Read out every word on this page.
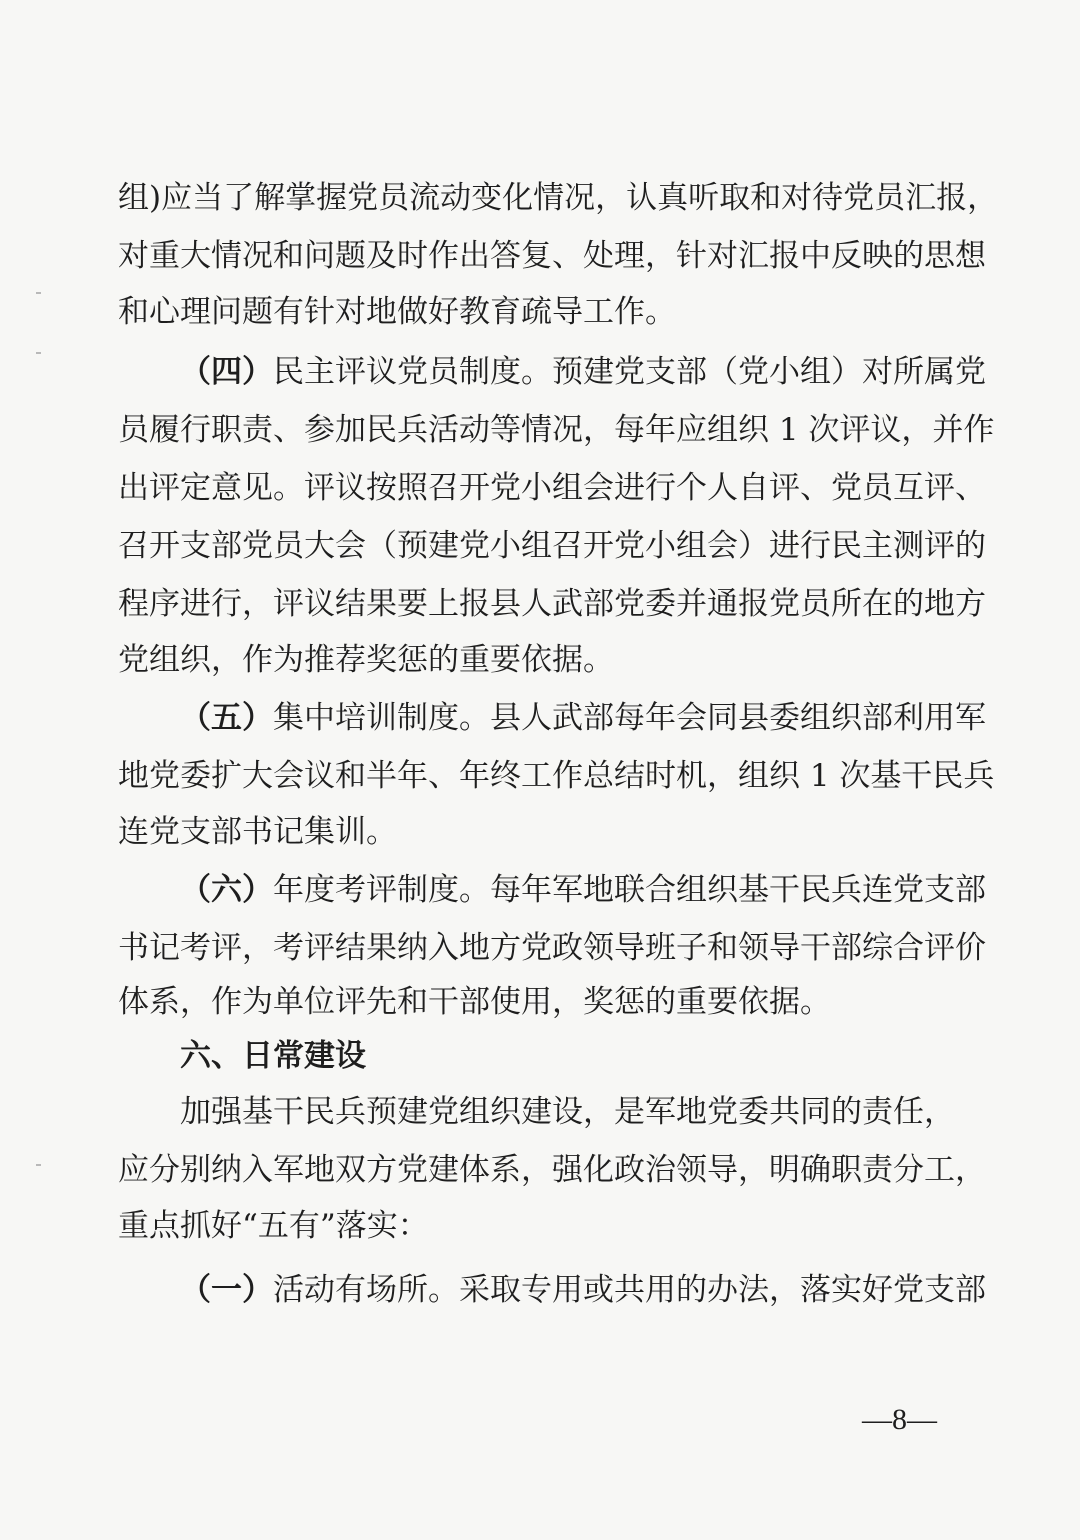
组)应当了解掌握党员流动变化情况，认真听取和对待党员汇报，
对重大情况和问题及时作出答复、处理，针对汇报中反映的思想
和心理问题有针对地做好教育疏导工作。
（四）民主评议党员制度。预建党支部（党小组）对所属党
员履行职责、参加民兵活动等情况，每年应组织 1 次评议，并作
出评定意见。评议按照召开党小组会进行个人自评、党员互评、
召开支部党员大会（预建党小组召开党小组会）进行民主测评的
程序进行，评议结果要上报县人武部党委并通报党员所在的地方
党组织，作为推荐奖惩的重要依据。
（五）集中培训制度。县人武部每年会同县委组织部利用军
地党委扩大会议和半年、年终工作总结时机，组织 1 次基干民兵
连党支部书记集训。
（六）年度考评制度。每年军地联合组织基干民兵连党支部
书记考评，考评结果纳入地方党政领导班子和领导干部综合评价
体系，作为单位评先和干部使用，奖惩的重要依据。
六、日常建设
加强基干民兵预建党组织建设，是军地党委共同的责任，
应分别纳入军地双方党建体系，强化政治领导，明确职责分工，
重点抓好“五有”落实：
（一）活动有场所。采取专用或共用的办法，落实好党支部
—8—
